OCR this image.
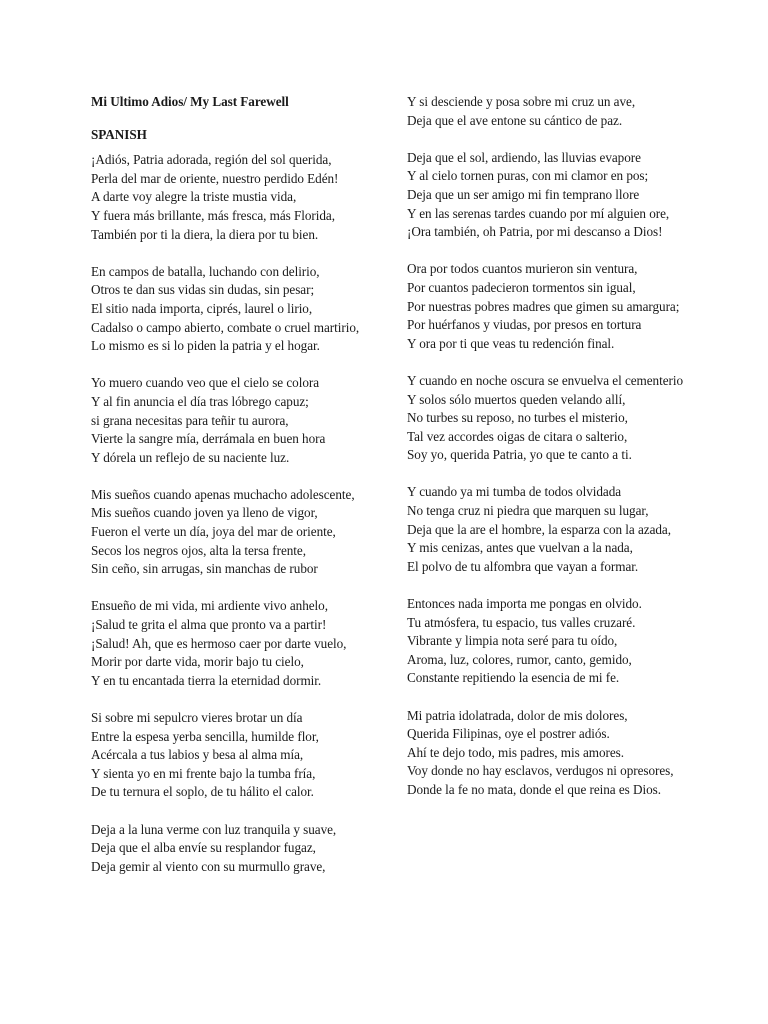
Mi Ultimo Adios/ My Last Farewell
SPANISH
¡Adiós, Patria adorada, región del sol querida,
Perla del mar de oriente, nuestro perdido Edén!
A darte voy alegre la triste mustia vida,
Y fuera más brillante, más fresca, más Florida,
También por ti la diera, la diera por tu bien.
En campos de batalla, luchando con delirio,
Otros te dan sus vidas sin dudas, sin pesar;
El sitio nada importa, ciprés, laurel o lirio,
Cadalso o campo abierto, combate o cruel martirio,
Lo mismo es si lo piden la patria y el hogar.
Yo muero cuando veo que el cielo se colora
Y al fin anuncia el día tras lóbrego capuz;
si grana necesitas para teñir tu aurora,
Vierte la sangre mía, derrámala en buen hora
Y dórela un reflejo de su naciente luz.
Mis sueños cuando apenas muchacho adolescente,
Mis sueños cuando joven ya lleno de vigor,
Fueron el verte un día, joya del mar de oriente,
Secos los negros ojos, alta la tersa frente,
Sin ceño, sin arrugas, sin manchas de rubor
Ensueño de mi vida, mi ardiente vivo anhelo,
¡Salud te grita el alma que pronto va a partir!
¡Salud! Ah, que es hermoso caer por darte vuelo,
Morir por darte vida, morir bajo tu cielo,
Y en tu encantada tierra la eternidad dormir.
Si sobre mi sepulcro vieres brotar un día
Entre la espesa yerba sencilla, humilde flor,
Acércala a tus labios y besa al alma mía,
Y sienta yo en mi frente bajo la tumba fría,
De tu ternura el soplo, de tu hálito el calor.
Deja a la luna verme con luz tranquila y suave,
Deja que el alba envíe su resplandor fugaz,
Deja gemir al viento con su murmullo grave,
Y si desciende y posa sobre mi cruz un ave,
Deja que el ave entone su cántico de paz.
Deja que el sol, ardiendo, las lluvias evapore
Y al cielo tornen puras, con mi clamor en pos;
Deja que un ser amigo mi fin temprano llore
Y en las serenas tardes cuando por mí alguien ore,
¡Ora también, oh Patria, por mi descanso a Dios!
Ora por todos cuantos murieron sin ventura,
Por cuantos padecieron tormentos sin igual,
Por nuestras pobres madres que gimen su amargura;
Por huérfanos y viudas, por presos en tortura
Y ora por ti que veas tu redención final.
Y cuando en noche oscura se envuelva el cementerio
Y solos sólo muertos queden velando allí,
No turbes su reposo, no turbes el misterio,
Tal vez accordes oigas de citara o salterio,
Soy yo, querida Patria, yo que te canto a ti.
Y cuando ya mi tumba de todos olvidada
No tenga cruz ni piedra que marquen su lugar,
Deja que la are el hombre, la esparza con la azada,
Y mis cenizas, antes que vuelvan a la nada,
El polvo de tu alfombra que vayan a formar.
Entonces nada importa me pongas en olvido.
Tu atmósfera, tu espacio, tus valles cruzaré.
Vibrante y limpia nota seré para tu oído,
Aroma, luz, colores, rumor, canto, gemido,
Constante repitiendo la esencia de mi fe.
Mi patria idolatrada, dolor de mis dolores,
Querida Filipinas, oye el postrer adiós.
Ahí te dejo todo, mis padres, mis amores.
Voy donde no hay esclavos, verdugos ni opresores,
Donde la fe no mata, donde el que reina es Dios.
